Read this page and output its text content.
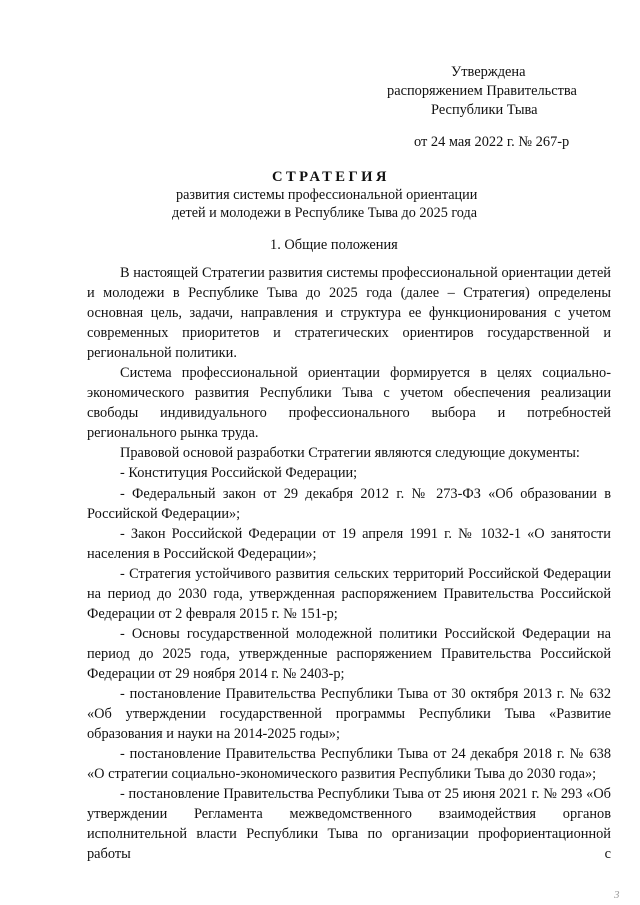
Утверждена
распоряжением Правительства
Республики Тыва
от 24 мая 2022 г. № 267-р
СТРАТЕГИЯ
развития системы профессиональной ориентации
детей и молодежи в Республике Тыва до 2025 года
1. Общие положения

В настоящей Стратегии развития системы профессиональной ориентации детей и молодежи в Республике Тыва до 2025 года (далее – Стратегия) определены основная цель, задачи, направления и структура ее функционирования с учетом современных приоритетов и стратегических ориентиров государственной и региональной политики.

Система профессиональной ориентации формируется в целях социально-экономического развития Республики Тыва с учетом обеспечения реализации свободы индивидуального профессионального выбора и потребностей регионального рынка труда.

Правовой основой разработки Стратегии являются следующие документы:

- Конституция Российской Федерации;

- Федеральный закон от 29 декабря 2012 г. № 273-ФЗ «Об образовании в Российской Федерации»;

- Закон Российской Федерации от 19 апреля 1991 г. № 1032-1 «О занятости населения в Российской Федерации»;

- Стратегия устойчивого развития сельских территорий Российской Федерации на период до 2030 года, утвержденная распоряжением Правительства Российской Федерации от 2 февраля 2015 г. № 151-р;

- Основы государственной молодежной политики Российской Федерации на период до 2025 года, утвержденные распоряжением Правительства Российской Федерации от 29 ноября 2014 г. № 2403-р;

- постановление Правительства Республики Тыва от 30 октября 2013 г. № 632 «Об утверждении государственной программы Республики Тыва «Развитие образования и науки на 2014-2025 годы»;

- постановление Правительства Республики Тыва от 24 декабря 2018 г. № 638 «О стратегии социально-экономического развития Республики Тыва до 2030 года»;

- постановление Правительства Республики Тыва от 25 июня 2021 г. № 293 «Об утверждении Регламента межведомственного взаимодействия органов исполнительной власти Республики Тыва по организации профориентационной работы с

3
